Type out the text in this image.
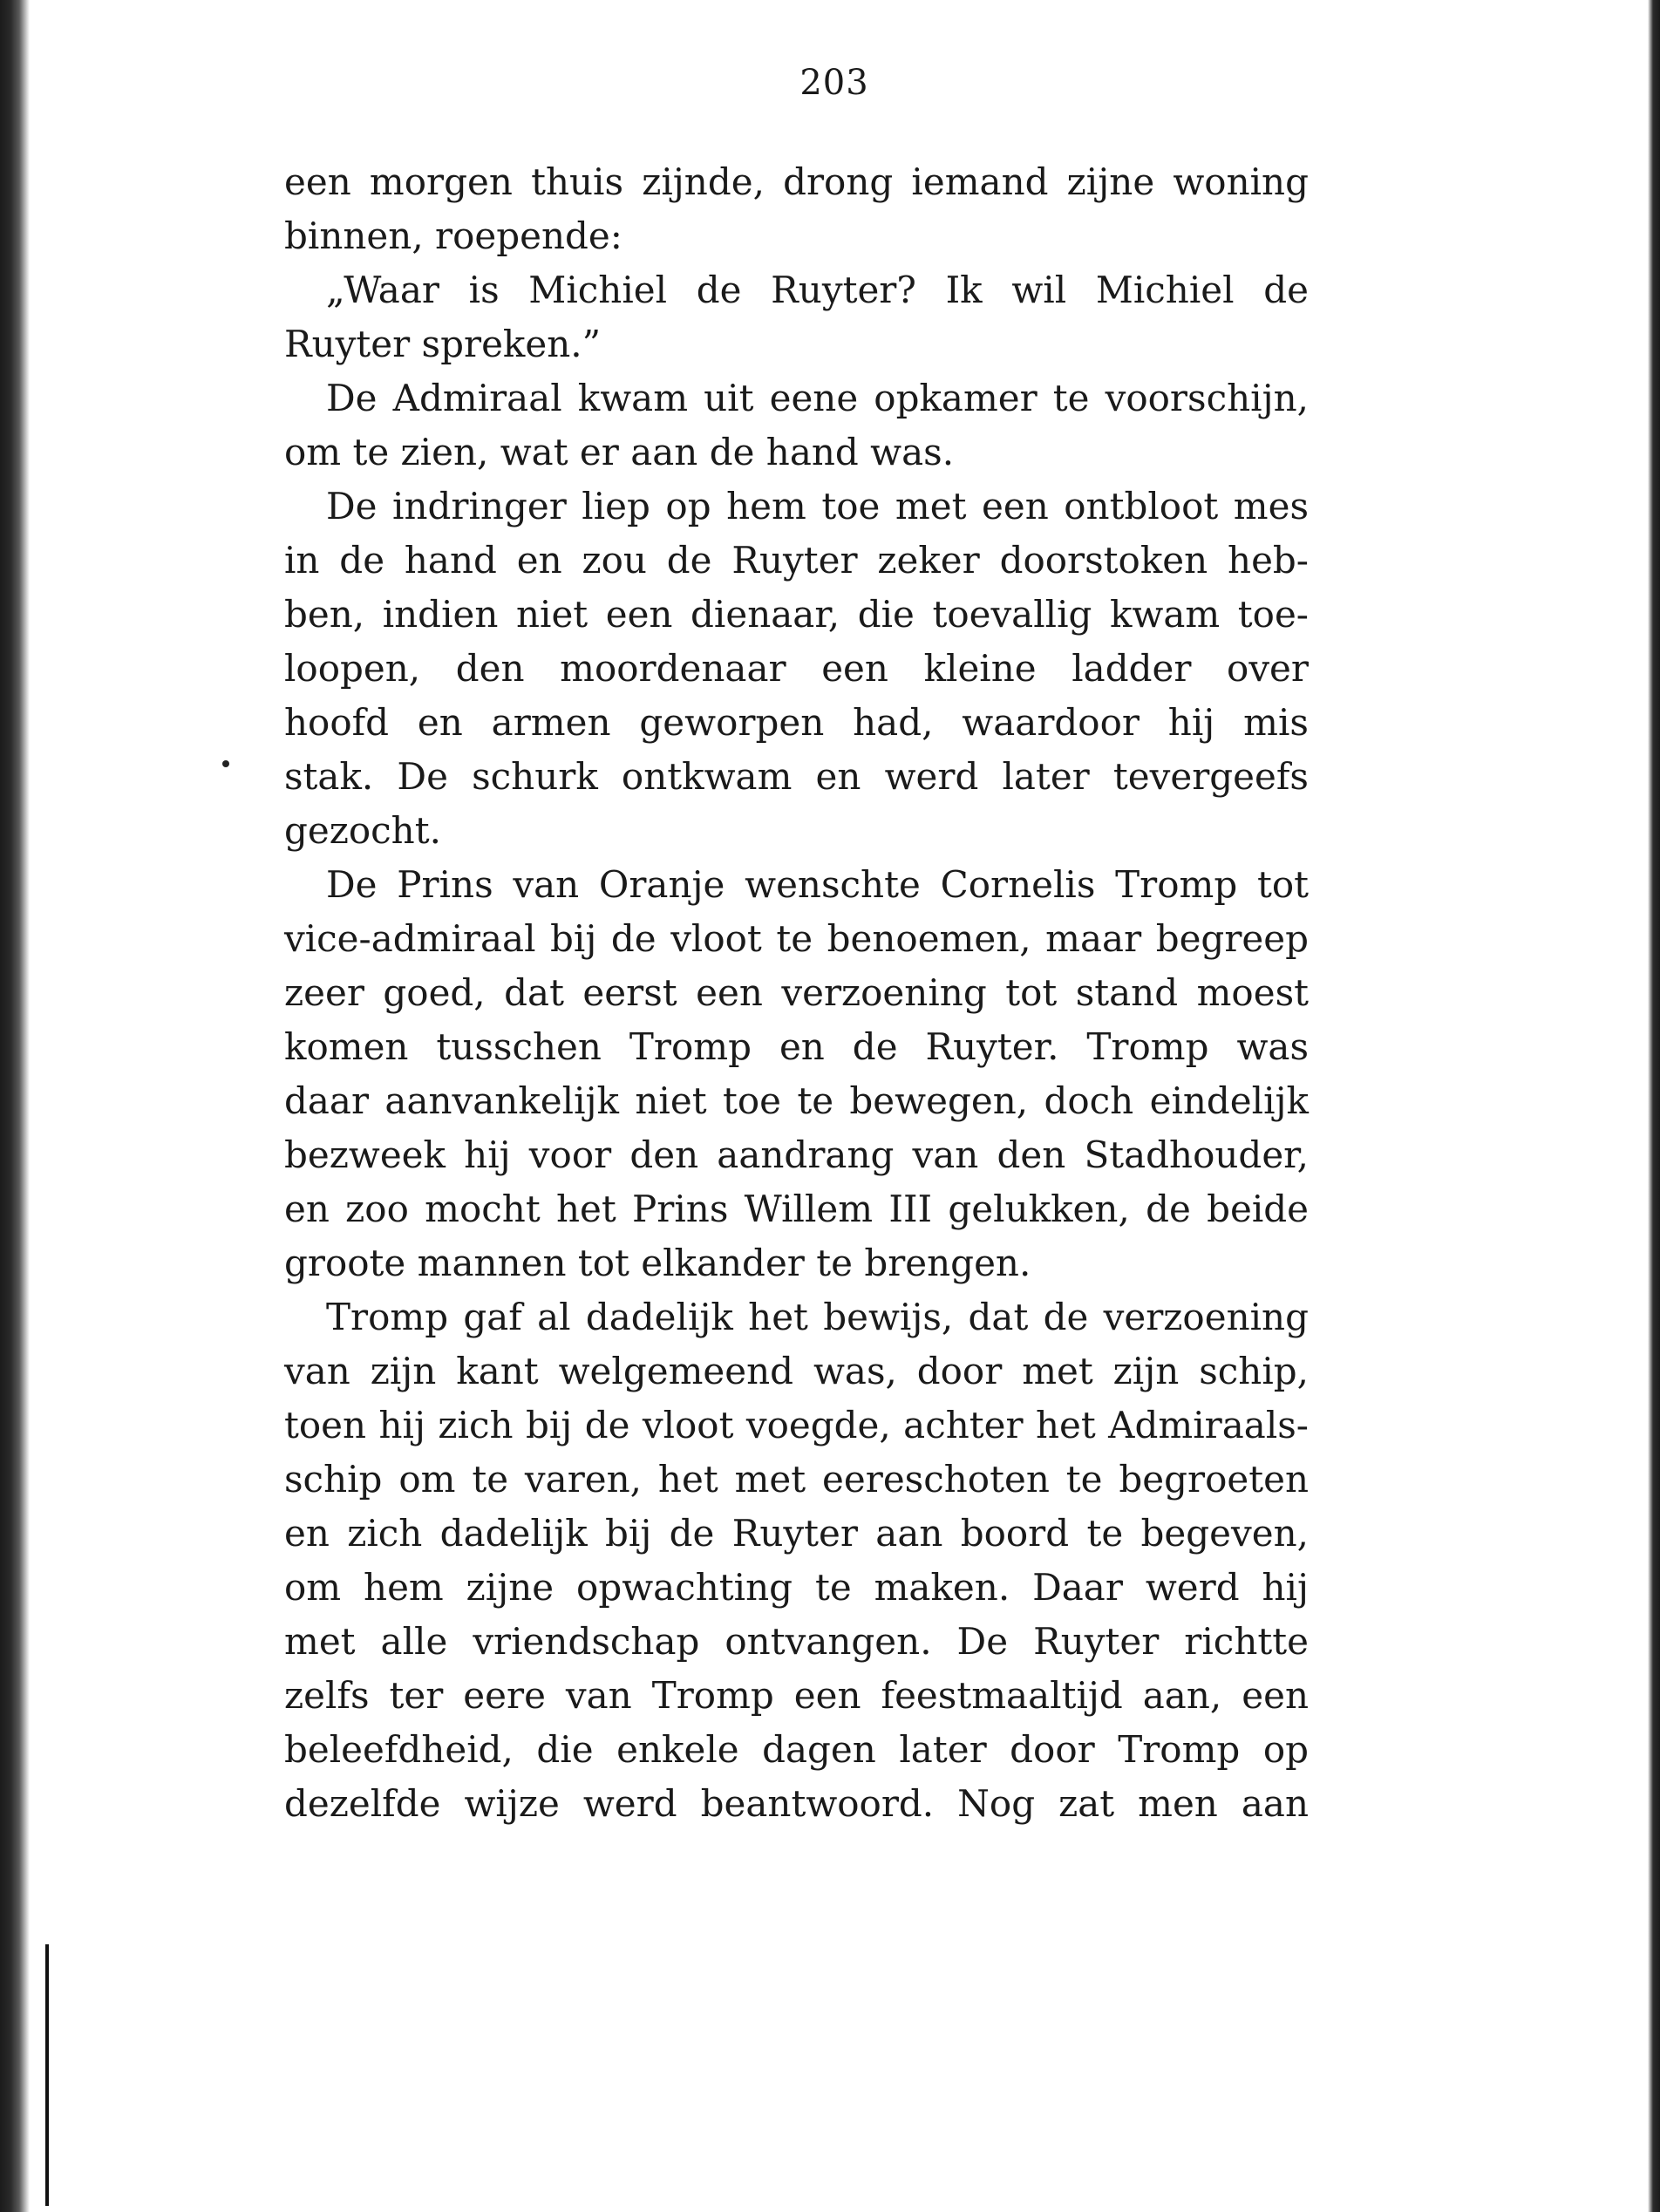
203
een morgen thuis zijnde, drong iemand zijne woning
binnen, roepende:
„Waar is Michiel de Ruyter? Ik wil Michiel de
Ruyter spreken.”
De Admiraal kwam uit eene opkamer te voorschijn,
om te zien, wat er aan de hand was.
De indringer liep op hem toe met een ontbloot mes
in de hand en zou de Ruyter zeker doorstoken heb-
ben, indien niet een dienaar, die toevallig kwam toe-
loopen, den moordenaar een kleine ladder over
hoofd en armen geworpen had, waardoor hij mis
stak. De schurk ontkwam en werd later tevergeefs
gezocht.
De Prins van Oranje wenschte Cornelis Tromp tot
vice-admiraal bij de vloot te benoemen, maar begreep
zeer goed, dat eerst een verzoening tot stand moest
komen tusschen Tromp en de Ruyter. Tromp was
daar aanvankelijk niet toe te bewegen, doch eindelijk
bezweek hij voor den aandrang van den Stadhouder,
en zoo mocht het Prins Willem III gelukken, de beide
groote mannen tot elkander te brengen.
Tromp gaf al dadelijk het bewijs, dat de verzoening
van zijn kant welgemeend was, door met zijn schip,
toen hij zich bij de vloot voegde, achter het Admiraals-
schip om te varen, het met eereschoten te begroeten
en zich dadelijk bij de Ruyter aan boord te begeven,
om hem zijne opwachting te maken. Daar werd hij
met alle vriendschap ontvangen. De Ruyter richtte
zelfs ter eere van Tromp een feestmaaltijd aan, een
beleefdheid, die enkele dagen later door Tromp op
dezelfde wijze werd beantwoord. Nog zat men aan
